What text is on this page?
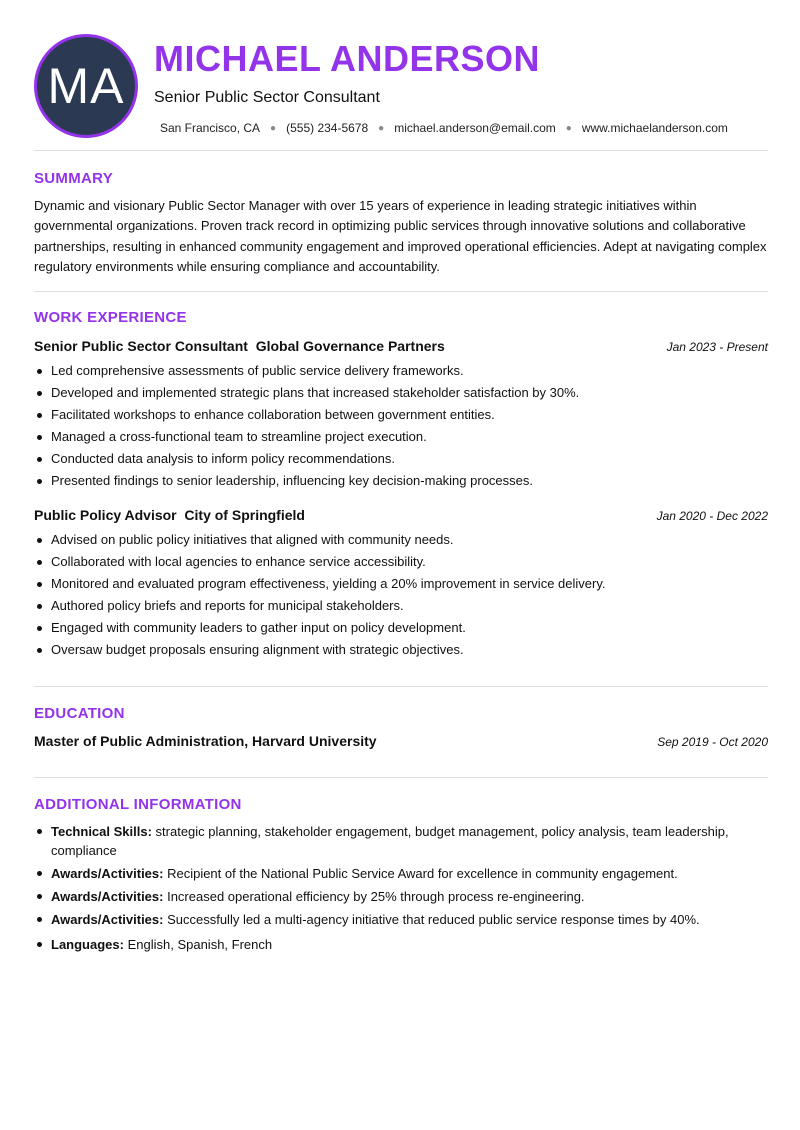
MA MICHAEL ANDERSON
Senior Public Sector Consultant
San Francisco, CA ● (555) 234-5678 ● michael.anderson@email.com ● www.michaelanderson.com
SUMMARY
Dynamic and visionary Public Sector Manager with over 15 years of experience in leading strategic initiatives within governmental organizations. Proven track record in optimizing public services through innovative solutions and collaborative partnerships, resulting in enhanced community engagement and improved operational efficiencies. Adept at navigating complex regulatory environments while ensuring compliance and accountability.
WORK EXPERIENCE
Senior Public Sector Consultant  Global Governance Partners	Jan 2023 - Present
Led comprehensive assessments of public service delivery frameworks.
Developed and implemented strategic plans that increased stakeholder satisfaction by 30%.
Facilitated workshops to enhance collaboration between government entities.
Managed a cross-functional team to streamline project execution.
Conducted data analysis to inform policy recommendations.
Presented findings to senior leadership, influencing key decision-making processes.
Public Policy Advisor  City of Springfield	Jan 2020 - Dec 2022
Advised on public policy initiatives that aligned with community needs.
Collaborated with local agencies to enhance service accessibility.
Monitored and evaluated program effectiveness, yielding a 20% improvement in service delivery.
Authored policy briefs and reports for municipal stakeholders.
Engaged with community leaders to gather input on policy development.
Oversaw budget proposals ensuring alignment with strategic objectives.
EDUCATION
Master of Public Administration, Harvard University	Sep 2019 - Oct 2020
ADDITIONAL INFORMATION
Technical Skills: strategic planning, stakeholder engagement, budget management, policy analysis, team leadership, compliance
Awards/Activities: Recipient of the National Public Service Award for excellence in community engagement.
Awards/Activities: Increased operational efficiency by 25% through process re-engineering.
Awards/Activities: Successfully led a multi-agency initiative that reduced public service response times by 40%.
Languages: English, Spanish, French
